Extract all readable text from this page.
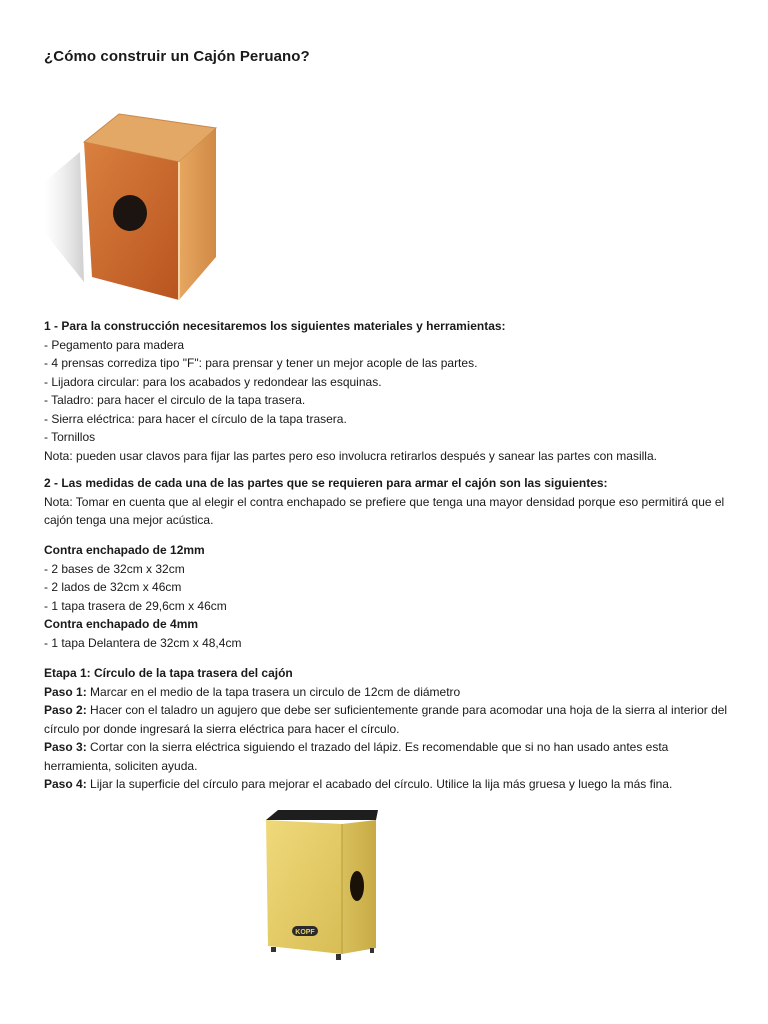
¿Cómo construir un Cajón Peruano?

1 - Para la construcción necesitaremos los siguientes materiales y herramientas:

- Pegamento para madera

- 4 prensas corrediza tipo "F": para prensar y tener un mejor acople de las partes.

- Lijadora circular: para los acabados y redondear las esquinas.

- Taladro: para hacer el circulo de la tapa trasera.

- Sierra eléctrica: para hacer el círculo de la tapa trasera.

- Tornillos

Nota: pueden usar clavos para fijar las partes pero eso involucra retirarlos después y sanear las partes con masilla.

2 - Las medidas de cada una de las partes que se requieren para armar el cajón son las siguientes:

Nota: Tomar en cuenta que al elegir el contra enchapado se prefiere que tenga una mayor densidad porque eso permitirá que el cajón tenga una mejor acústica.

Contra enchapado de 12mm

- 2 bases de 32cm x 32cm

- 2 lados de 32cm x 46cm

- 1 tapa trasera de 29,6cm x 46cm

Contra enchapado de 4mm

- 1 tapa Delantera de 32cm x 48,4cm

Etapa 1: Círculo de la tapa trasera del cajón

Paso 1: Marcar en el medio de la tapa trasera un circulo de 12cm de diámetro

Paso 2: Hacer con el taladro un agujero que debe ser suficientemente grande para acomodar una hoja de la sierra al interior del círculo por donde ingresará la sierra eléctrica para hacer el círculo.

Paso 3: Cortar con la sierra eléctrica siguiendo el trazado del lápiz. Es recomendable que si no han usado antes esta herramienta, soliciten ayuda.

Paso 4: Lijar la superficie del círculo para mejorar el acabado del círculo. Utilice la lija más gruesa y luego la más fina.

KOPF
